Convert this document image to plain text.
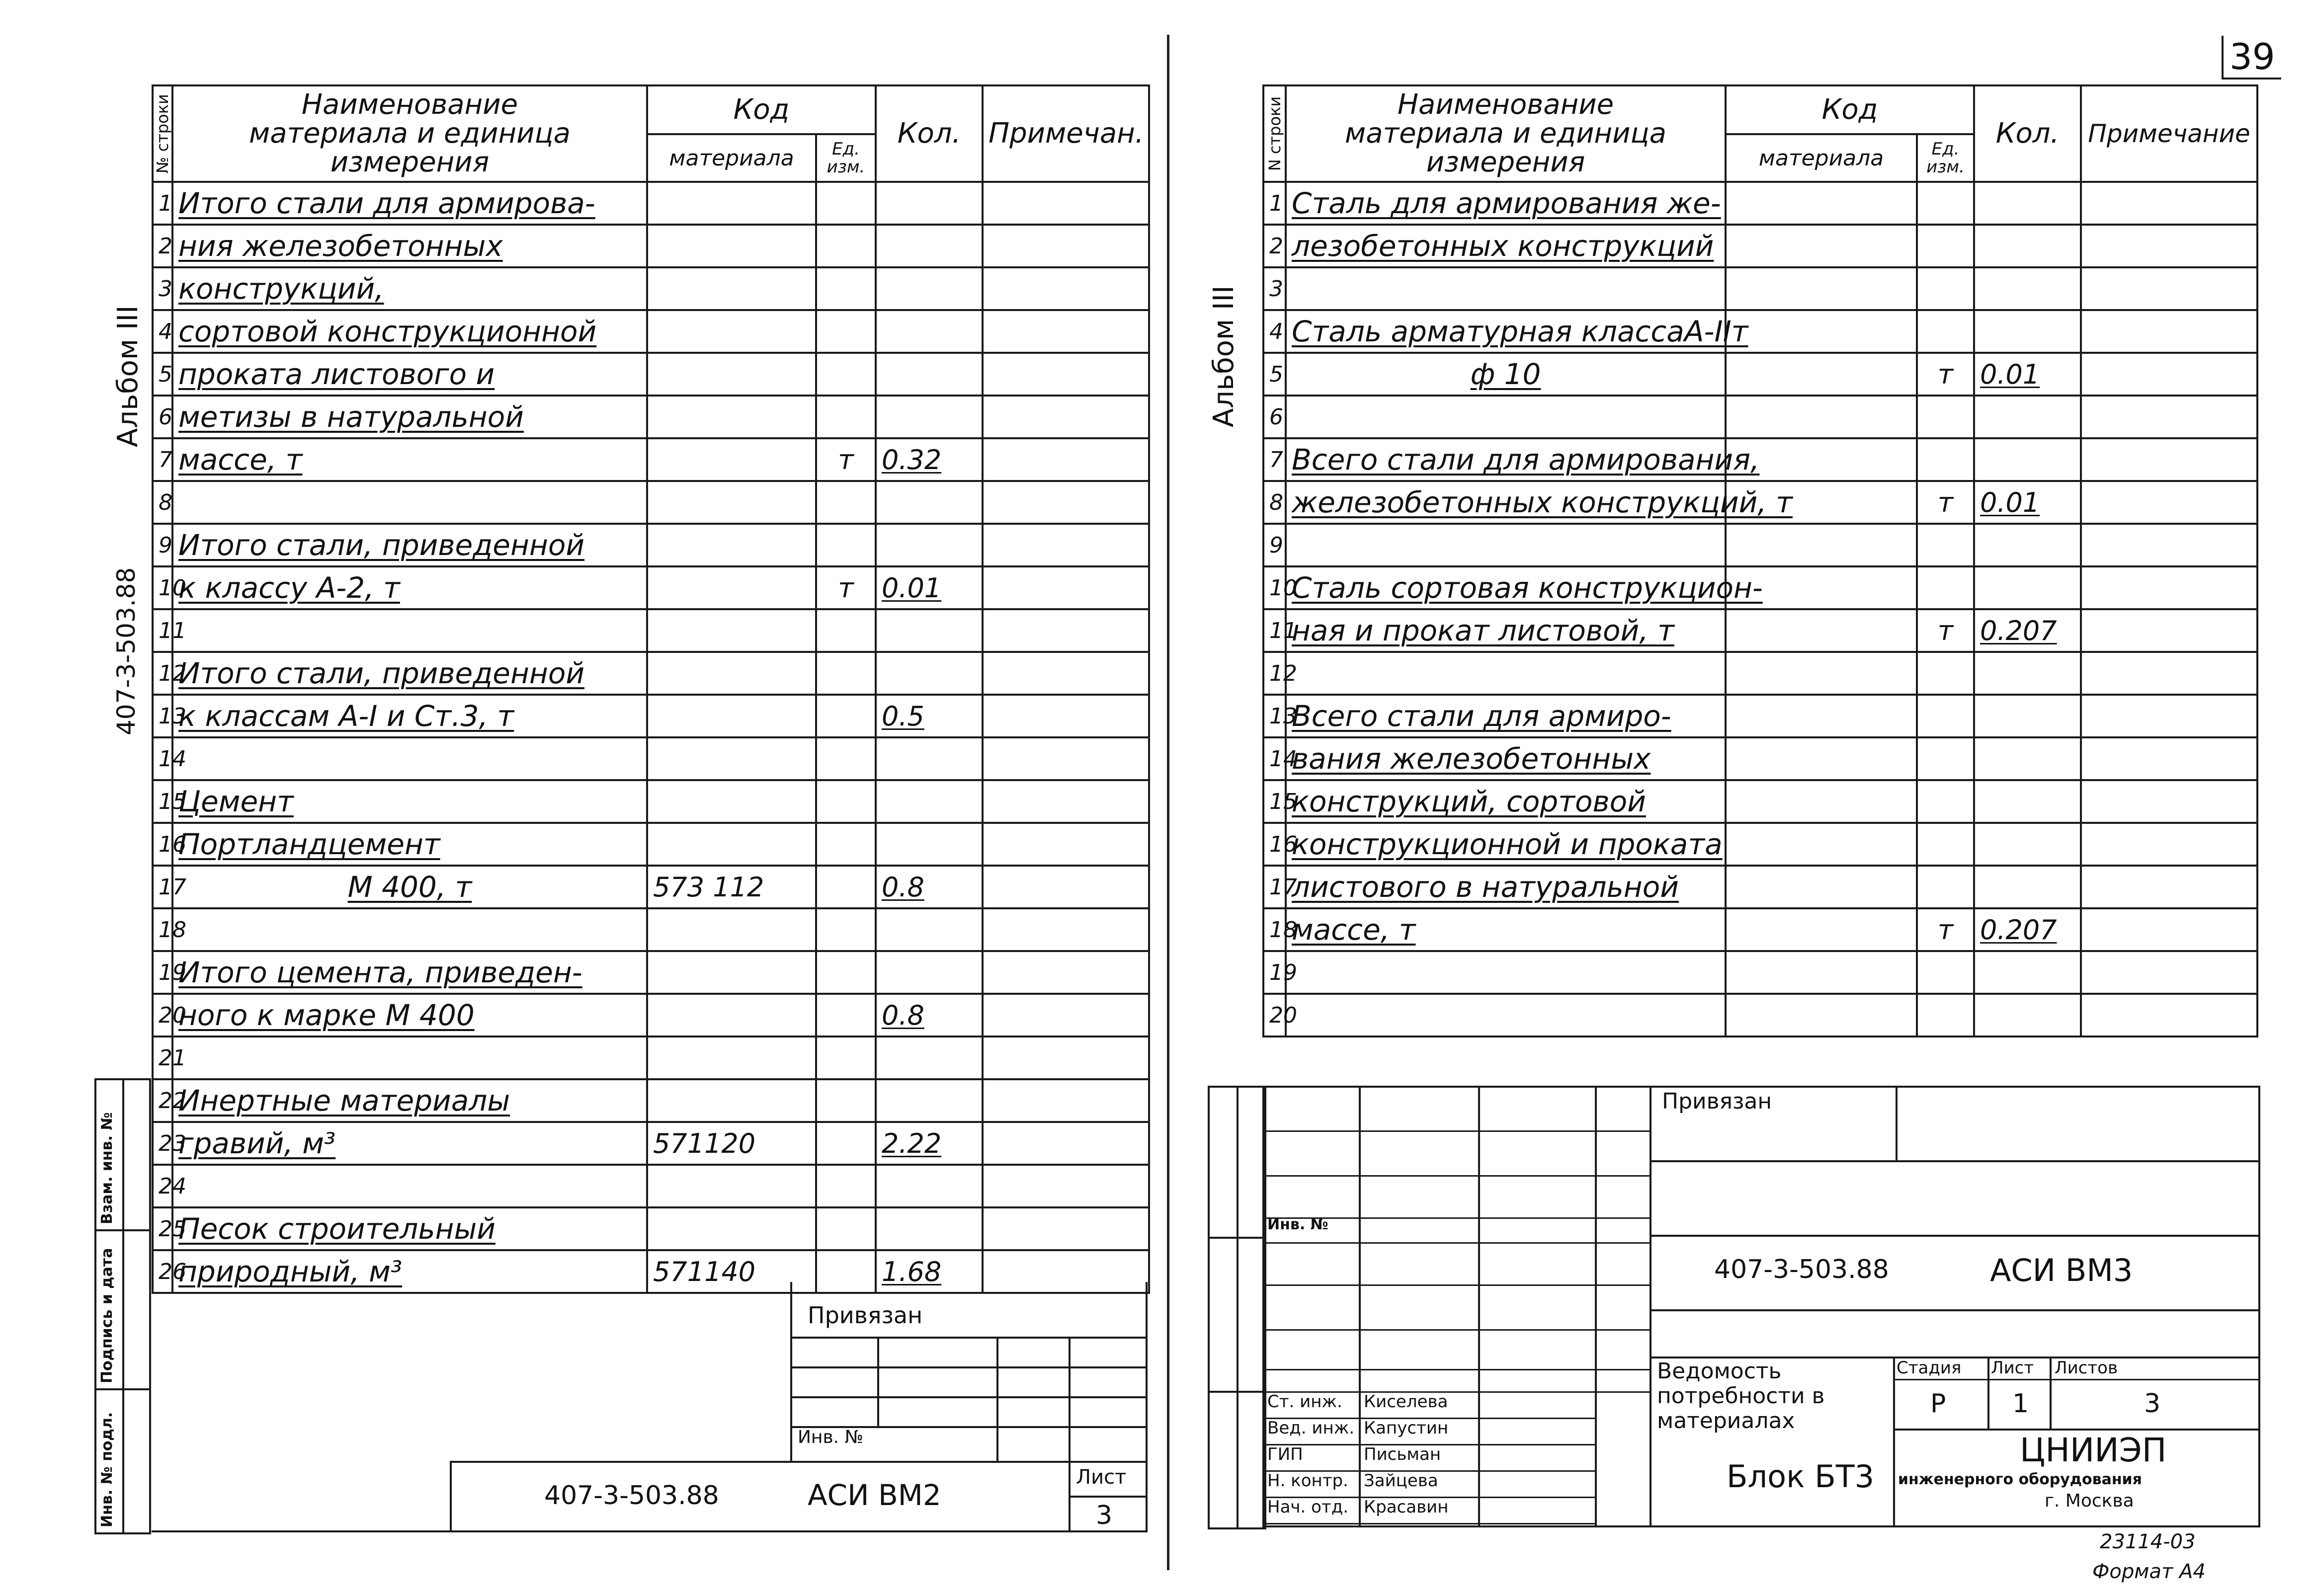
39
Альбом III
407-3-503.88
№ строки	Наименование материала и единица измерения	Код		Кол.	Примечан.
		материала	Ед. изм.		
1	Итого стали для армирова-				
2	ния железобетонных				
3	конструкций,				
4	сортовой конструкционной				
5	проката листового и				
6	метизы в натуральной				
7	массе, т		т	0.32	
8					
9	Итого стали, приведенной				
10	к классу А-2, т		т	0.01	
11					
12	Итого стали, приведенной				
13	к классам А-I и Ст.3, т			0.5	
14					
15	Цемент				
16	Портландцемент				
17	М 400, т	573 112		0.8	
18					
19	Итого цемента, приведен-				
20	ного к марке М 400			0.8	
21					
22	Инертные материалы				
23	гравий, м³	571120		2.22	
24					
25	Песок строительный				
26	природный, м³	571140		1.68	
Взам. инв. №
Подпись и дата
Инв. № подл.
Привязан
Инв. №
407-3-503.88	АСИ ВМ2
Лист
3
Альбом III
N строки	Наименование материала и единица измерения	Код		Кол.	Примечание
		материала	Ед. изм.		
1	Сталь для армирования же-				
2	лезобетонных конструкций				
3					
4	Сталь арматурная классаА-IIт				
5	ф 10		т	0.01	
6					
7	Всего стали для армирования,				
8	железобетонных конструкций, т		т	0.01	
9					
10	Сталь сортовая конструкцион-				
11	ная и прокат листовой, т		т	0.207	
12					
13	Всего стали для армиро-				
14	вания железобетонных				
15	конструкций, сортовой				
16	конструкционной и проката				
17	листового в натуральной				
18	массе, т		т	0.207	
19					
20					
Инв. №
Ст. инж. Киселева
Вед. инж. Капустин
ГИП	Письман
Н. контр. Зайцева
Нач. отд. Красавин
Привязан
407-3-503.88	АСИ ВМ3
Ведомость потребности в материалах
Стадия Лист Листов
Р	1	3
Блок БТ3
ЦНИИЭП
инженерного оборудования
г. Москва
23114-03
Формат А4
